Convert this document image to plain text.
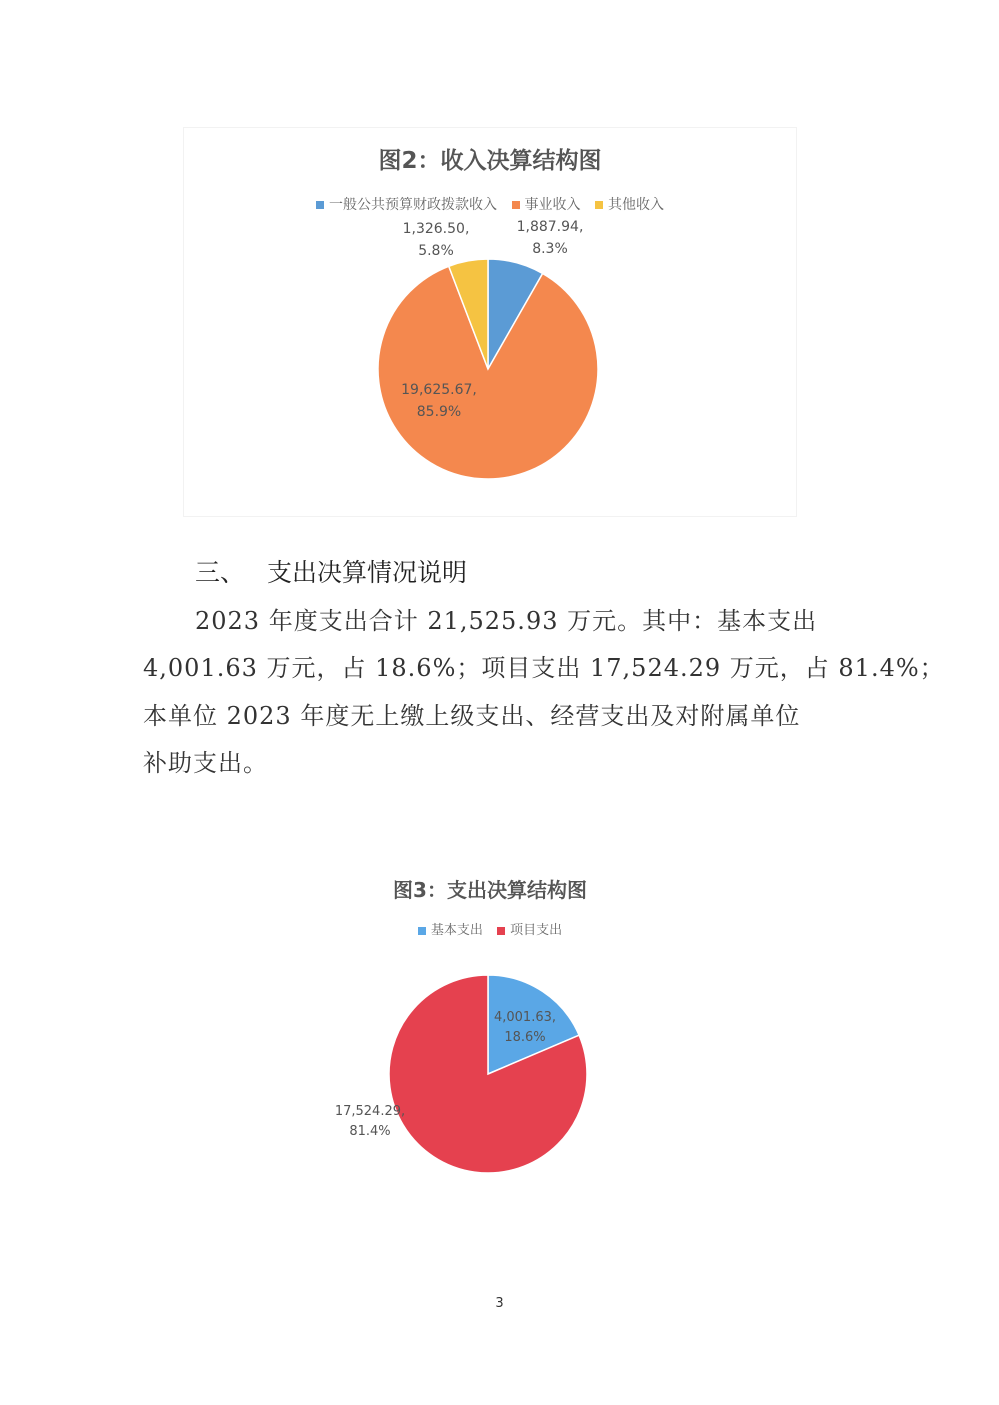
图2：收入决算结构图
一般公共预算财政拨款收入 事业收入 其他收入
1,887.94,
8.3%
19,625.67,
85.9%
1,326.50,
5.8%
三、 支出决算情况说明
2023 年度支出合计 21,525.93 万元。其中：基本支出
4,001.63 万元，占 18.6%；项目支出 17,524.29 万元，占 81.4%；
本单位 2023 年度无上缴上级支出、经营支出及对附属单位
补助支出。
图3：支出决算结构图
基本支出 项目支出
4,001.63,
18.6%
17,524.29,
81.4%
3
